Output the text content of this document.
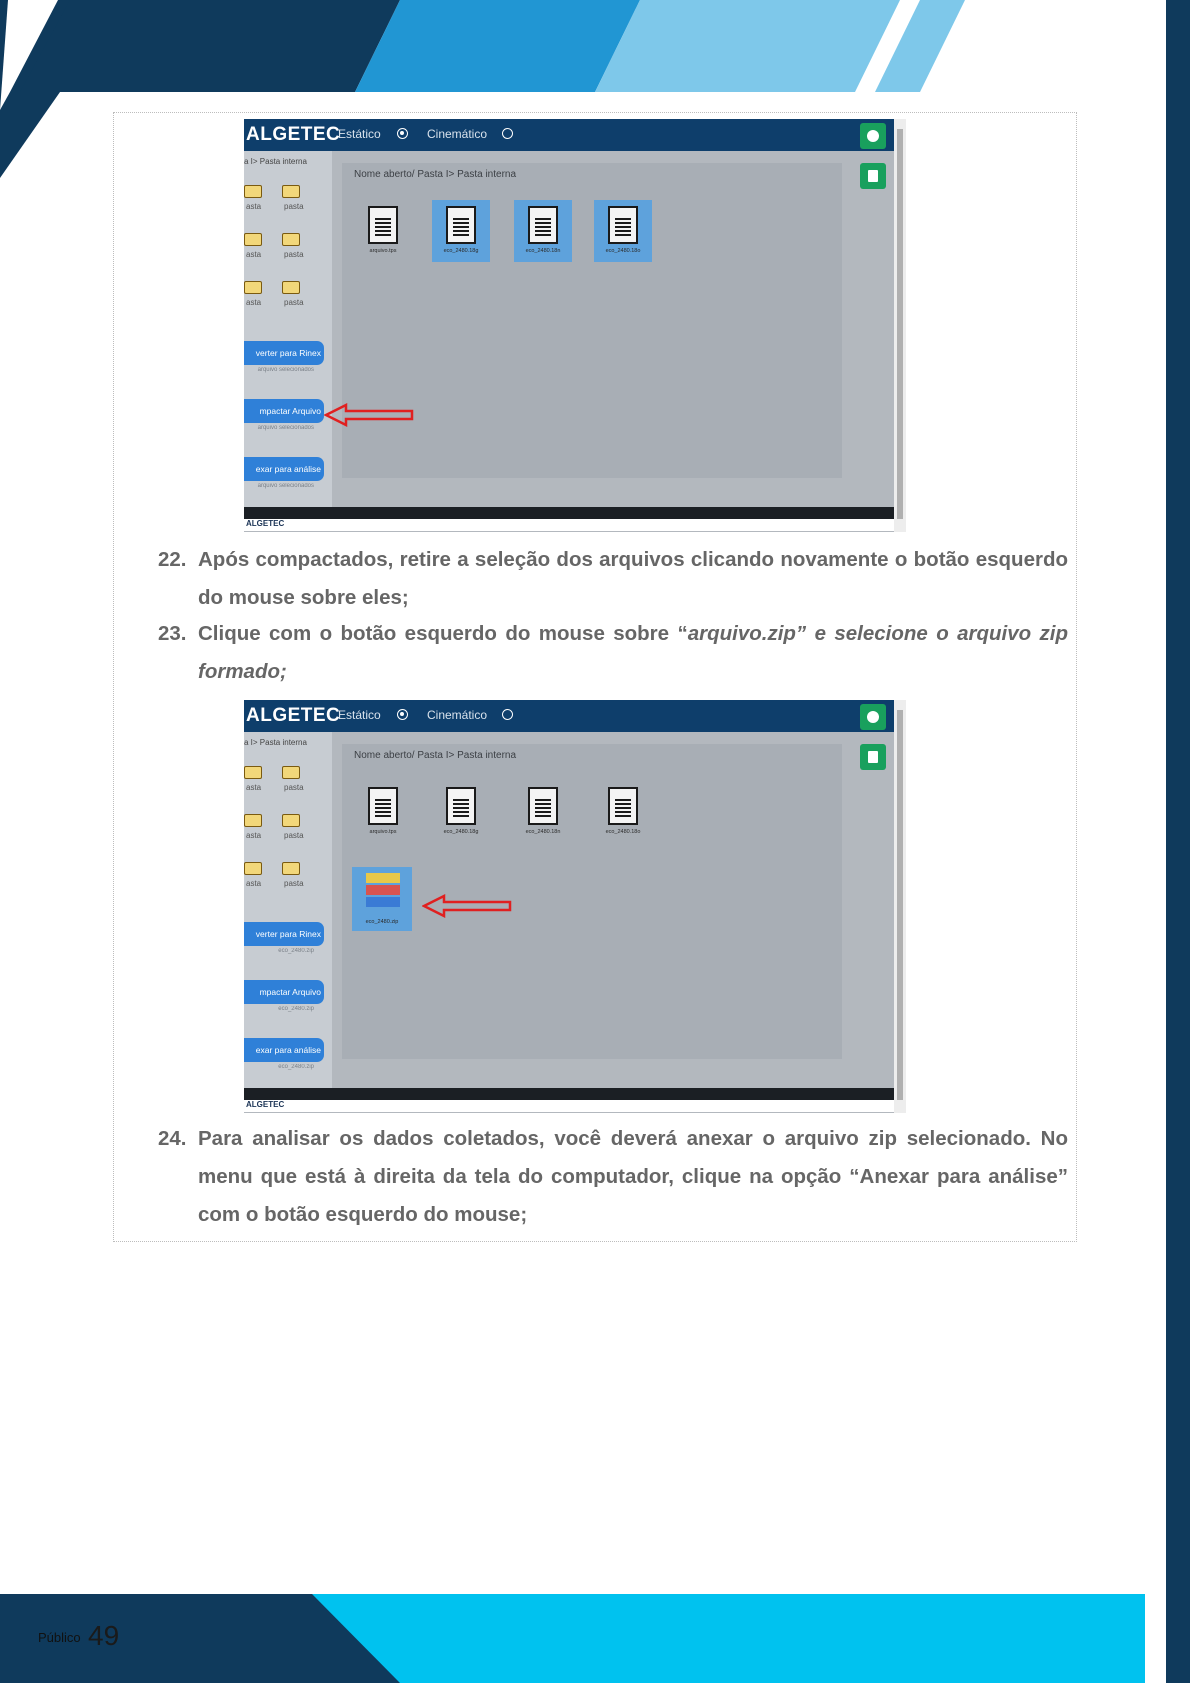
ALGETEC
Estático	Cinemático
a I> Pasta interna
asta	pasta
asta	pasta
asta	pasta
verter para Rinex
arquivo selecionados
mpactar Arquivo
arquivo selecionados
exar para análise
arquivo selecionados
Nome aberto/ Pasta I> Pasta interna
arquivo.tps	eco_2480.18g	eco_2480.18n	eco_2480.18o
ALGETEC
22. Após compactados, retire a seleção dos arquivos clicando novamente o botão esquerdo do mouse sobre eles;
23. Clique com o botão esquerdo do mouse sobre “arquivo.zip” e selecione o arquivo zip formado;
ALGETEC
Estático	Cinemático
a I> Pasta interna
asta	pasta
asta	pasta
asta	pasta
verter para Rinex
eco_2480.zip
mpactar Arquivo
eco_2480.zip
exar para análise
eco_2480.zip
Nome aberto/ Pasta I> Pasta interna
arquivo.tps	eco_2480.18g	eco_2480.18n	eco_2480.18o
eco_2480.zip
ALGETEC
24. Para analisar os dados coletados, você deverá anexar o arquivo zip selecionado. No menu que está à direita da tela do computador, clique na opção “Anexar para análise” com o botão esquerdo do mouse;
Público 49
